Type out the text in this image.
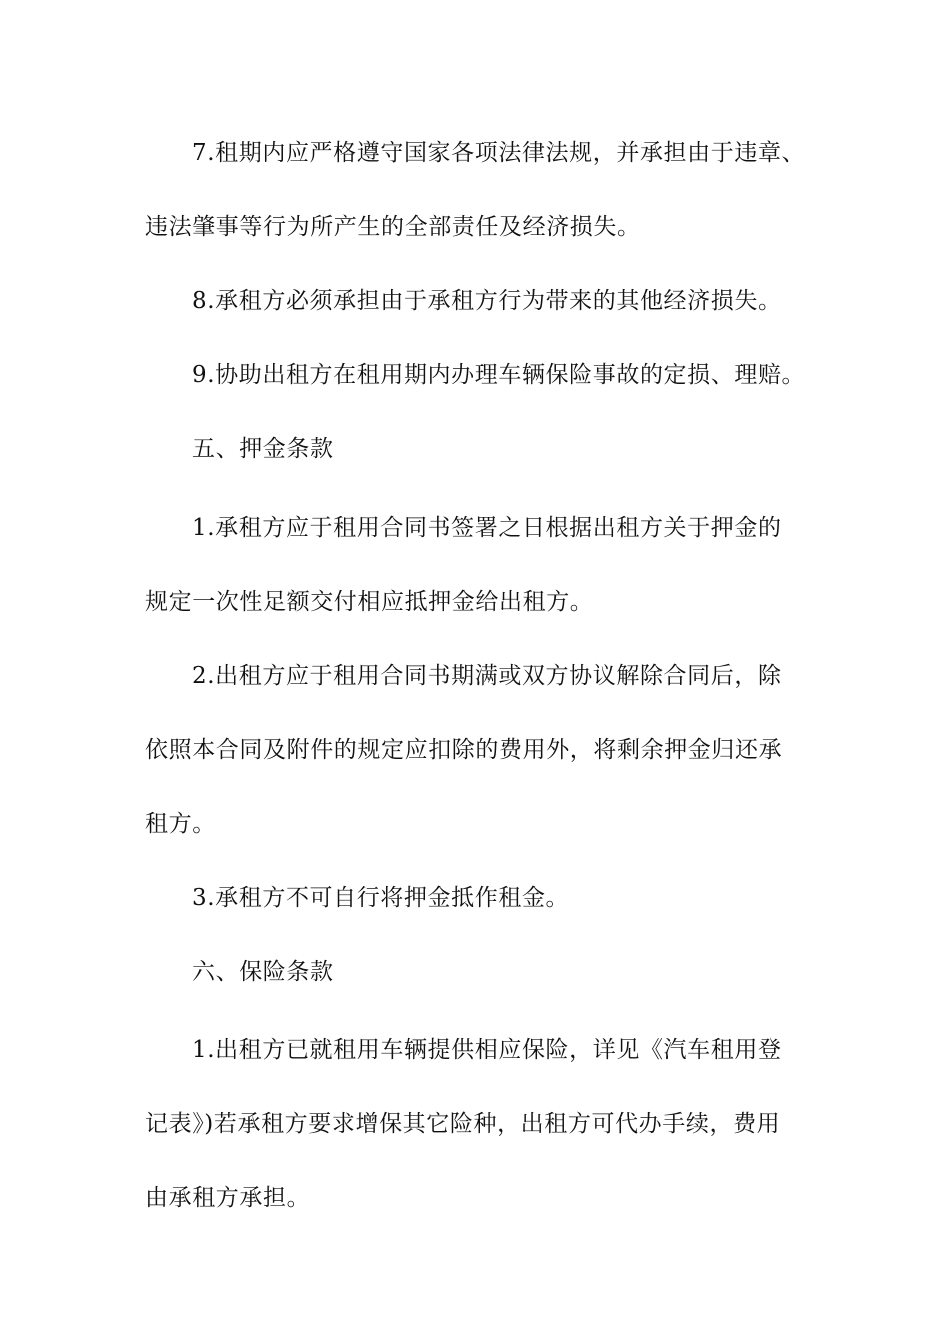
7.租期内应严格遵守国家各项法律法规，并承担由于违章、
违法肇事等行为所产生的全部责任及经济损失。
8.承租方必须承担由于承租方行为带来的其他经济损失。
9.协助出租方在租用期内办理车辆保险事故的定损、理赔。
五、押金条款
1.承租方应于租用合同书签署之日根据出租方关于押金的
规定一次性足额交付相应抵押金给出租方。
2.出租方应于租用合同书期满或双方协议解除合同后，除
依照本合同及附件的规定应扣除的费用外，将剩余押金归还承
租方。
3.承租方不可自行将押金抵作租金。
六、保险条款
1.出租方已就租用车辆提供相应保险，详见《汽车租用登
记表》)若承租方要求增保其它险种，出租方可代办手续，费用
由承租方承担。
